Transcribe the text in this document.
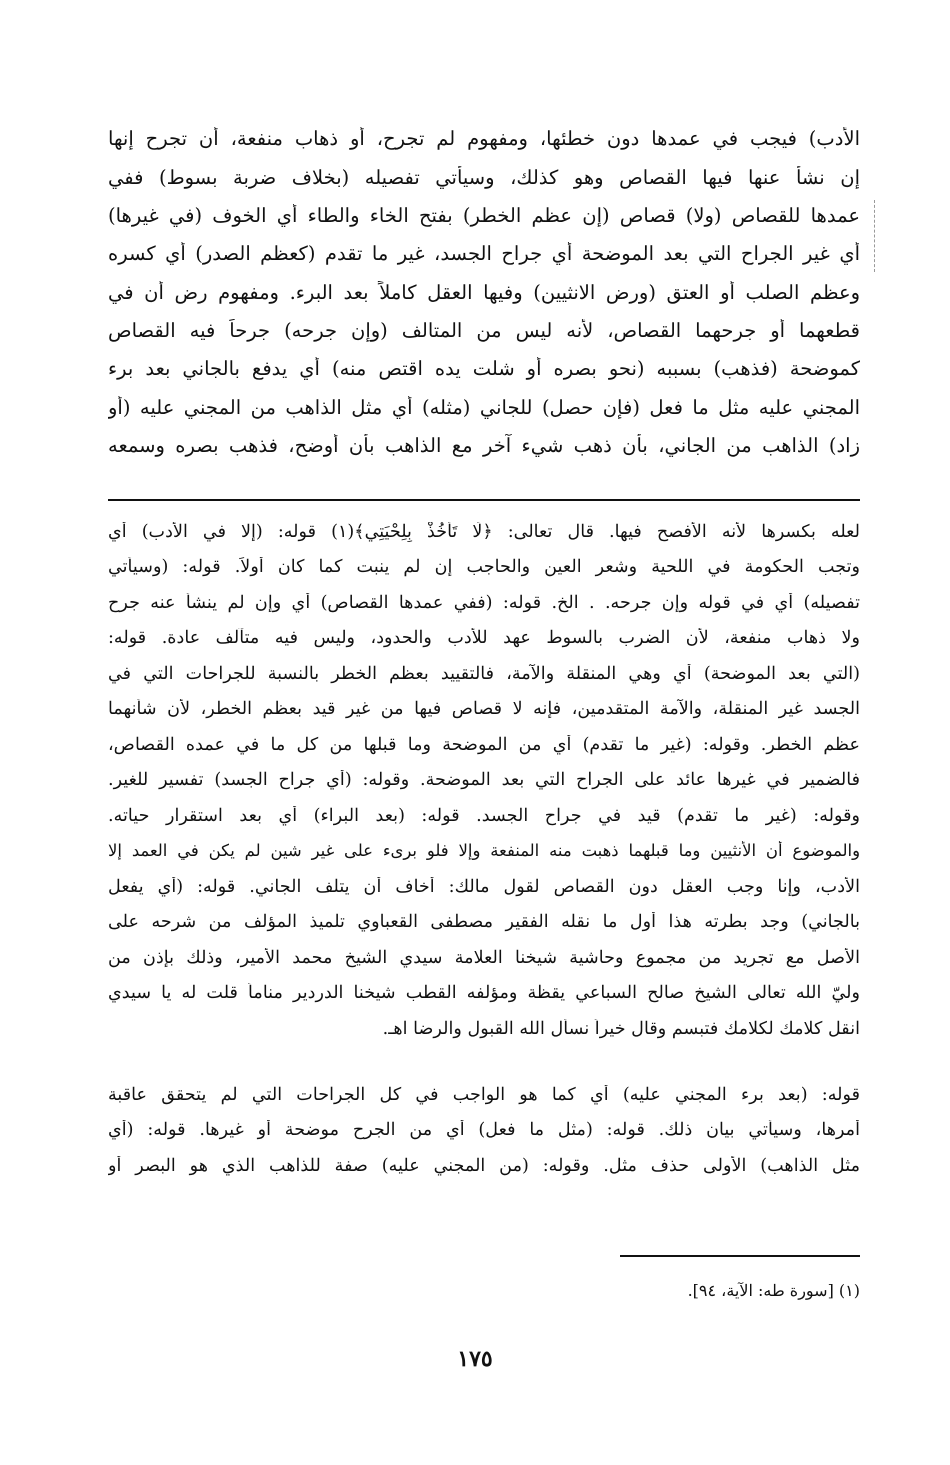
الأدب) فيجب في عمدها دون خطئها، ومفهوم لم تجرح، أو ذهاب منفعة، أن تجرح إنها
إن نشأ عنها فيها القصاص وهو كذلك، وسيأتي تفصيله (بخلاف ضربة بسوط) ففي
عمدها للقصاص (ولا) قصاص (إن عظم الخطر) بفتح الخاء والطاء أي الخوف (في غيرها)
أي غير الجراح التي بعد الموضحة أي جراح الجسد، غير ما تقدم (كعظم الصدر) أي كسره
وعظم الصلب أو العتق (ورض الانثيين) وفيها العقل كاملاً بعد البرء. ومفهوم رض أن في
قطعهما أو جرحهما القصاص، لأنه ليس من المتالف (وإن جرحه) جرحاً فيه القصاص
كموضحة (فذهب) بسببه (نحو بصره أو شلت يده اقتص منه) أي يدفع بالجاني بعد برء
المجني عليه مثل ما فعل (فإن حصل) للجاني (مثله) أي مثل الذاهب من المجني عليه (أو
زاد) الذاهب من الجاني، بأن ذهب شيء آخر مع الذاهب بأن أوضح، فذهب بصره وسمعه
لعله بكسرها لأنه الأفصح فيها. قال تعالى: ﴿لَا تَأْخُذْ بِلِحْيَتِي﴾(١) قوله: (إلا في الأدب) أي
وتجب الحكومة في اللحية وشعر العين والحاجب إن لم ينبت كما كان أولاً. قوله: (وسيأتي
تفصيله) أي في قوله وإن جرحه. . الخ. قوله: (ففي عمدها القصاص) أي وإن لم ينشأ عنه جرح
ولا ذهاب منفعة، لأن الضرب بالسوط عهد للأدب والحدود، وليس فيه متآلف عادة. قوله:
(التي بعد الموضحة) أي وهي المنقلة والآمة، فالتقييد بعظم الخطر بالنسبة للجراحات التي في
الجسد غير المنقلة، والآمة المتقدمين، فإنه لا قصاص فيها من غير قيد بعظم الخطر، لأن شأنهما
عظم الخطر. وقوله: (غير ما تقدم) أي من الموضحة وما قبلها من كل ما في عمده القصاص،
فالضمير في غيرها عائد على الجراح التي بعد الموضحة. وقوله: (أي جراح الجسد) تفسير للغير.
وقوله: (غير ما تقدم) قيد في جراح الجسد. قوله: (بعد البراء) أي بعد استقرار حياته.
والموضوع أن الأنثيين وما قبلهما ذهبت منه المنفعة وإلا فلو برىء على غير شين لم يكن في العمد إلا
الأدب، وإنا وجب العقل دون القصاص لقول مالك: أخاف أن يتلف الجاني. قوله: (أي يفعل
بالجاني) وجد بطرته هذا أول ما نقله الفقير مصطفى القعباوي تلميذ المؤلف من شرحه على
الأصل مع تجريد من مجموع وحاشية شيخنا العلامة سيدي الشيخ محمد الأمير، وذلك بإذن من
وليّ الله تعالى الشيخ صالح السباعي يقظة ومؤلفه القطب شيخنا الدردير مناماً قلت له يا سيدي
انقل كلامك لكلامك فتبسم وقال خيراً نسأل الله القبول والرضا اهـ.
قوله: (بعد برء المجني عليه) أي كما هو الواجب في كل الجراحات التي لم يتحقق عاقبة
أمرها، وسيأتي بيان ذلك. قوله: (مثل ما فعل) أي من الجرح موضحة أو غيرها. قوله: (أي
مثل الذاهب) الأولى حذف مثل. وقوله: (من المجني عليه) صفة للذاهب الذي هو البصر أو
(١) [سورة طه: الآية، ٩٤].
١٧٥
